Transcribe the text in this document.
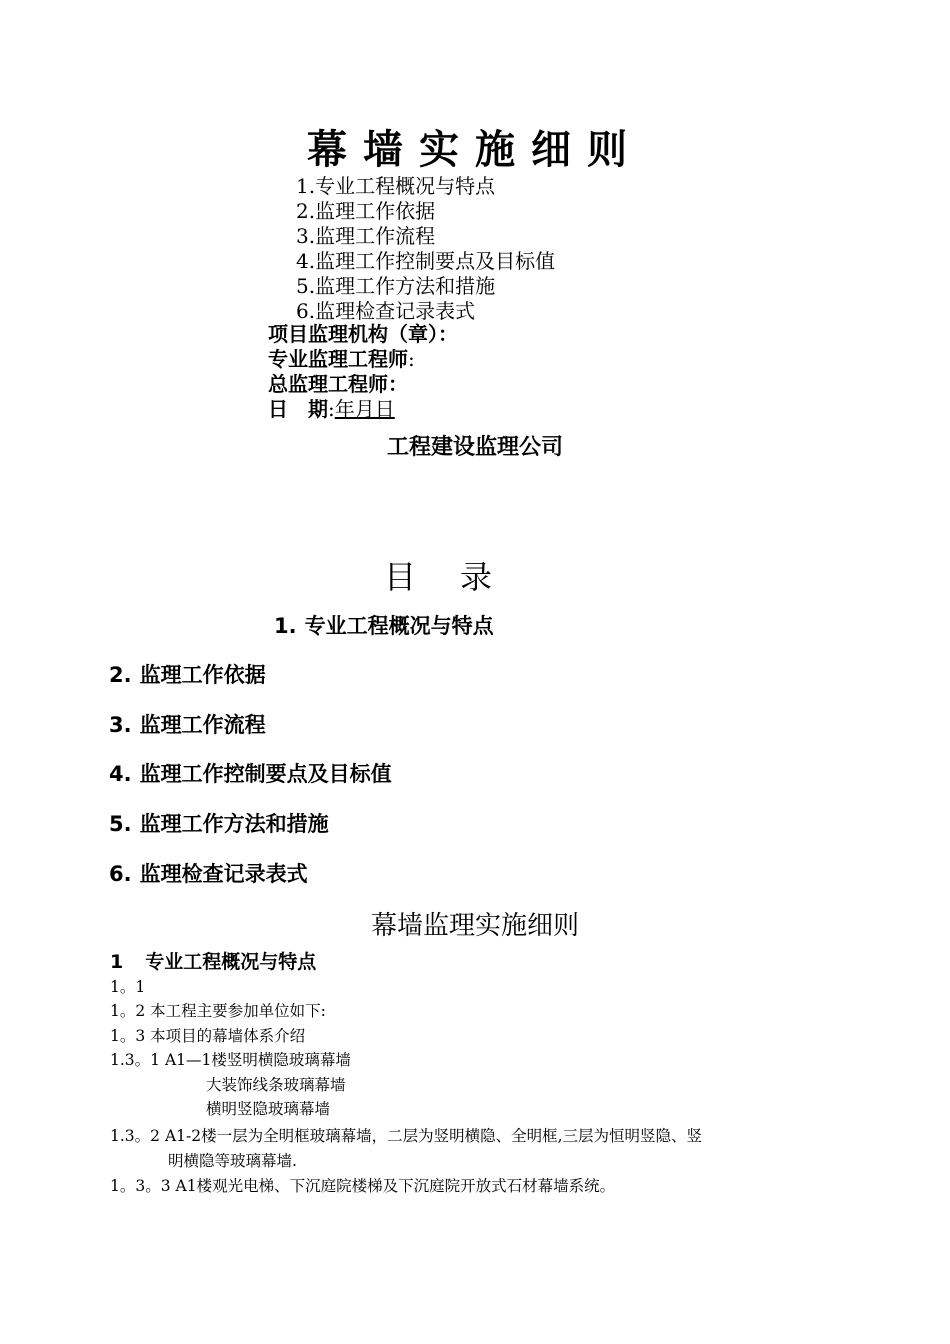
幕墙实施细则
1.专业工程概况与特点
2.监理工作依据
3.监理工作流程
4.监理工作控制要点及目标值
5.监理工作方法和措施
6.监理检查记录表式
项目监理机构（章）：
专业监理工程师:
总监理工程师：
日　期:年月日
工程建设监理公司
目 录
1. 专业工程概况与特点
2. 监理工作依据
3. 监理工作流程
4. 监理工作控制要点及目标值
5. 监理工作方法和措施
6. 监理检查记录表式
幕墙监理实施细则
1 专业工程概况与特点
1。1
1。2 本工程主要参加单位如下:
1。3 本项目的幕墙体系介绍
1.3。1 A1—1楼竖明横隐玻璃幕墙
大装饰线条玻璃幕墙
横明竖隐玻璃幕墙
1.3。2 A1-2楼一层为全明框玻璃幕墙，二层为竖明横隐、全明框,三层为恒明竖隐、竖
明横隐等玻璃幕墙.
1。3。3 A1楼观光电梯、下沉庭院楼梯及下沉庭院开放式石材幕墙系统。
